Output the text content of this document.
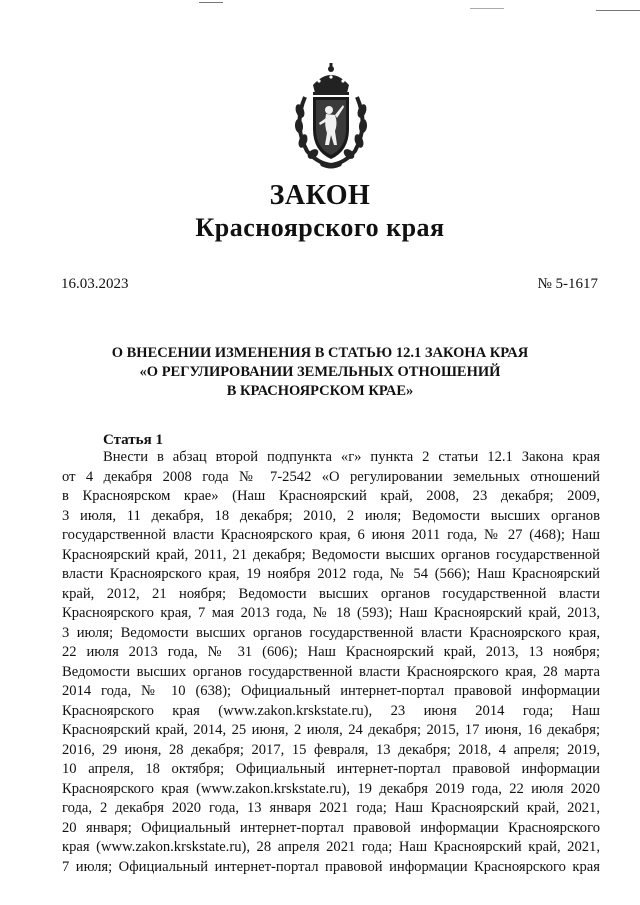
ЗАКОН
Красноярского края
16.03.2023	№ 5-1617
О ВНЕСЕНИИ ИЗМЕНЕНИЯ В СТАТЬЮ 12.1 ЗАКОНА КРАЯ
«О РЕГУЛИРОВАНИИ ЗЕМЕЛЬНЫХ ОТНОШЕНИЙ
В КРАСНОЯРСКОМ КРАЕ»
Статья 1
Внести в абзац второй подпункта «г» пункта 2 статьи 12.1 Закона края
от 4 декабря 2008 года № 7-2542 «О регулировании земельных отношений
в Красноярском крае» (Наш Красноярский край, 2008, 23 декабря; 2009,
3 июля, 11 декабря, 18 декабря; 2010, 2 июля; Ведомости высших органов
государственной власти Красноярского края, 6 июня 2011 года, № 27 (468); Наш
Красноярский край, 2011, 21 декабря; Ведомости высших органов государственной
власти Красноярского края, 19 ноября 2012 года, № 54 (566); Наш Красноярский
край, 2012, 21 ноября; Ведомости высших органов государственной власти
Красноярского края, 7 мая 2013 года, № 18 (593); Наш Красноярский край, 2013,
3 июля; Ведомости высших органов государственной власти Красноярского края,
22 июля 2013 года, № 31 (606); Наш Красноярский край, 2013, 13 ноября;
Ведомости высших органов государственной власти Красноярского края, 28 марта
2014 года, № 10 (638); Официальный интернет-портал правовой информации
Красноярского края (www.zakon.krskstate.ru), 23 июня 2014 года; Наш
Красноярский край, 2014, 25 июня, 2 июля, 24 декабря; 2015, 17 июня, 16 декабря;
2016, 29 июня, 28 декабря; 2017, 15 февраля, 13 декабря; 2018, 4 апреля; 2019,
10 апреля, 18 октября; Официальный интернет-портал правовой информации
Красноярского края (www.zakon.krskstate.ru), 19 декабря 2019 года, 22 июля 2020
года, 2 декабря 2020 года, 13 января 2021 года; Наш Красноярский край, 2021,
20 января; Официальный интернет-портал правовой информации Красноярского
края (www.zakon.krskstate.ru), 28 апреля 2021 года; Наш Красноярский край, 2021,
7 июля; Официальный интернет-портал правовой информации Красноярского края
